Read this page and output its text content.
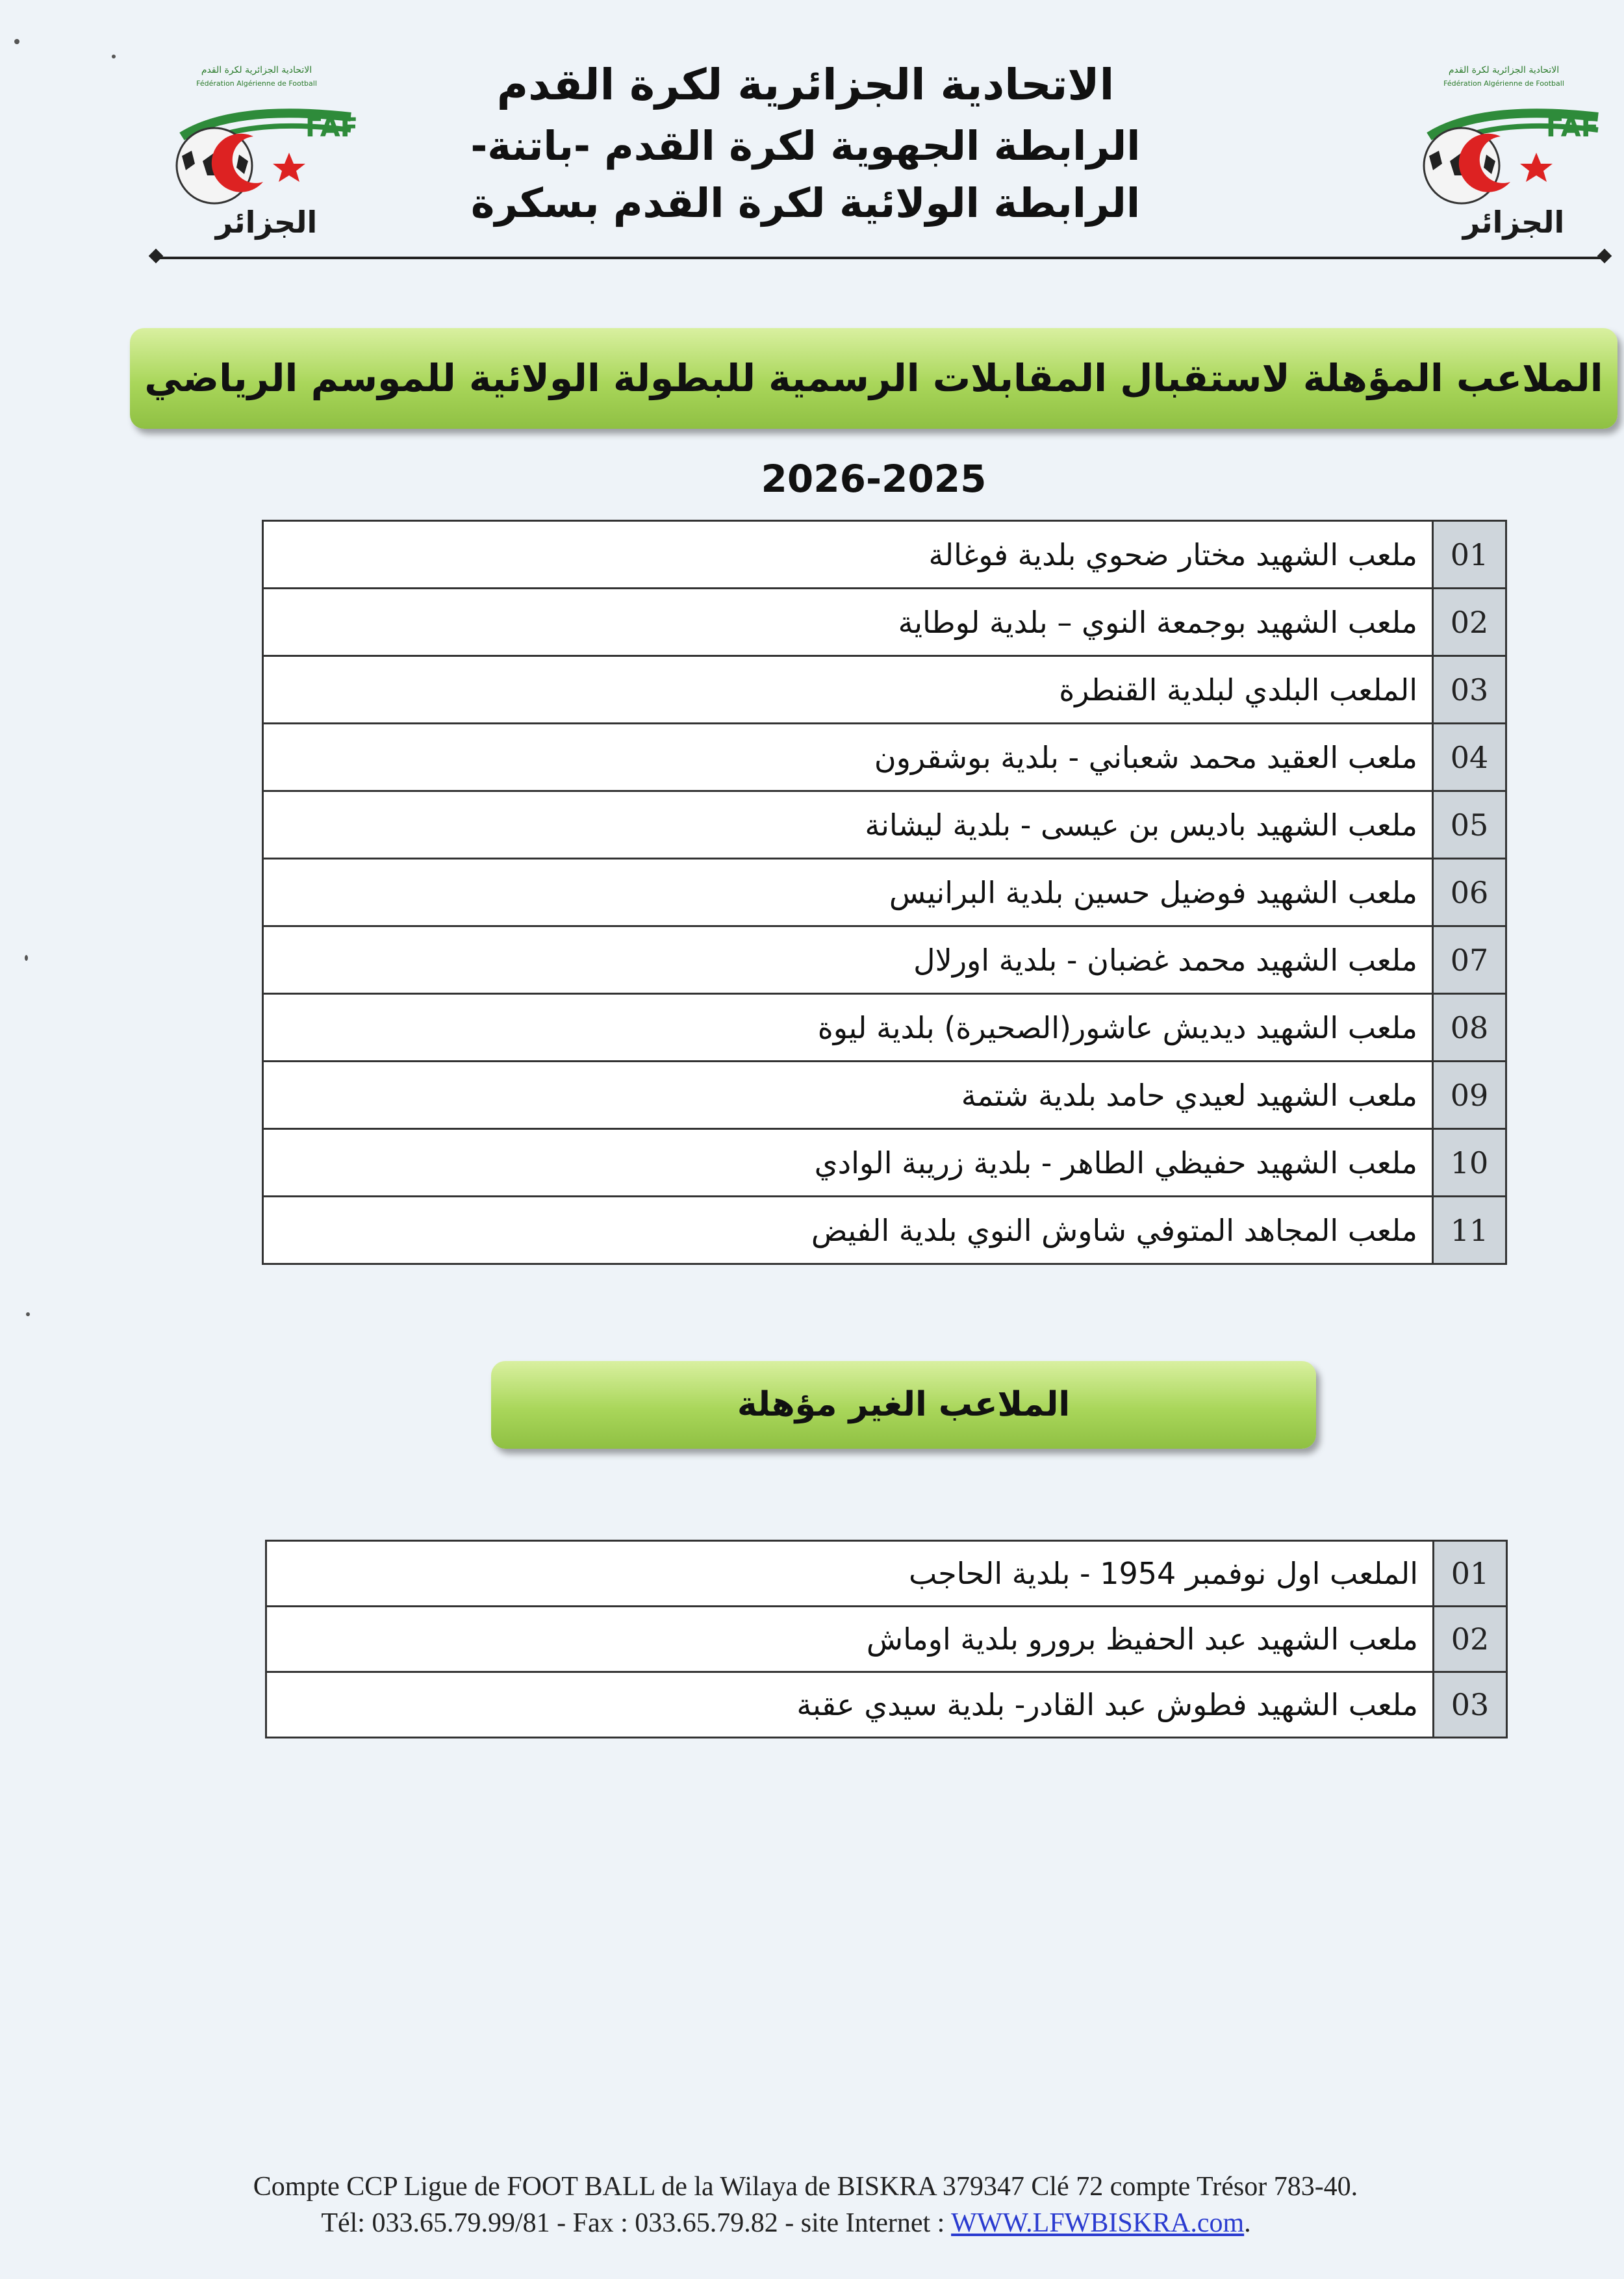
الاتحادية الجزائرية لكرة القدم
Fédération Algérienne de Football
FAF
الجزائر
الاتحادية الجزائرية لكرة القدم
Fédération Algérienne de Football
FAF
الجزائر
الاتحادية الجزائرية لكرة القدم
الرابطة الجهوية لكرة القدم -باتنة-
الرابطة الولائية لكرة القدم بسكرة
الملاعب المؤهلة لاستقبال المقابلات الرسمية للبطولة الولائية للموسم الرياضي 2025-2026
01	ملعب الشهيد مختار ضحوي بلدية فوغالة
02	ملعب الشهيد بوجمعة النوي – بلدية لوطاية
03	الملعب البلدي لبلدية القنطرة
04	ملعب العقيد محمد شعباني - بلدية بوشقرون
05	ملعب الشهيد باديس بن عيسى - بلدية ليشانة
06	ملعب الشهيد فوضيل حسين بلدية البرانيس
07	ملعب الشهيد محمد غضبان - بلدية اورلال
08	ملعب الشهيد ديديش عاشور(الصحيرة) بلدية ليوة
09	ملعب الشهيد لعيدي حامد بلدية شتمة
10	ملعب الشهيد حفيظي الطاهر - بلدية زريبة الوادي
11	ملعب المجاهد المتوفي شاوش النوي بلدية الفيض
الملاعب الغير مؤهلة
01	الملعب اول نوفمبر 1954 - بلدية الحاجب
02	ملعب الشهيد عبد الحفيظ برورو بلدية اوماش
03	ملعب الشهيد فطوش عبد القادر- بلدية سيدي عقبة
Compte CCP Ligue de FOOT BALL de la Wilaya de BISKRA 379347 Clé 72 compte Trésor 783-40.
Tél: 033.65.79.99/81 - Fax : 033.65.79.82 - site Internet : WWW.LFWBISKRA.com.
